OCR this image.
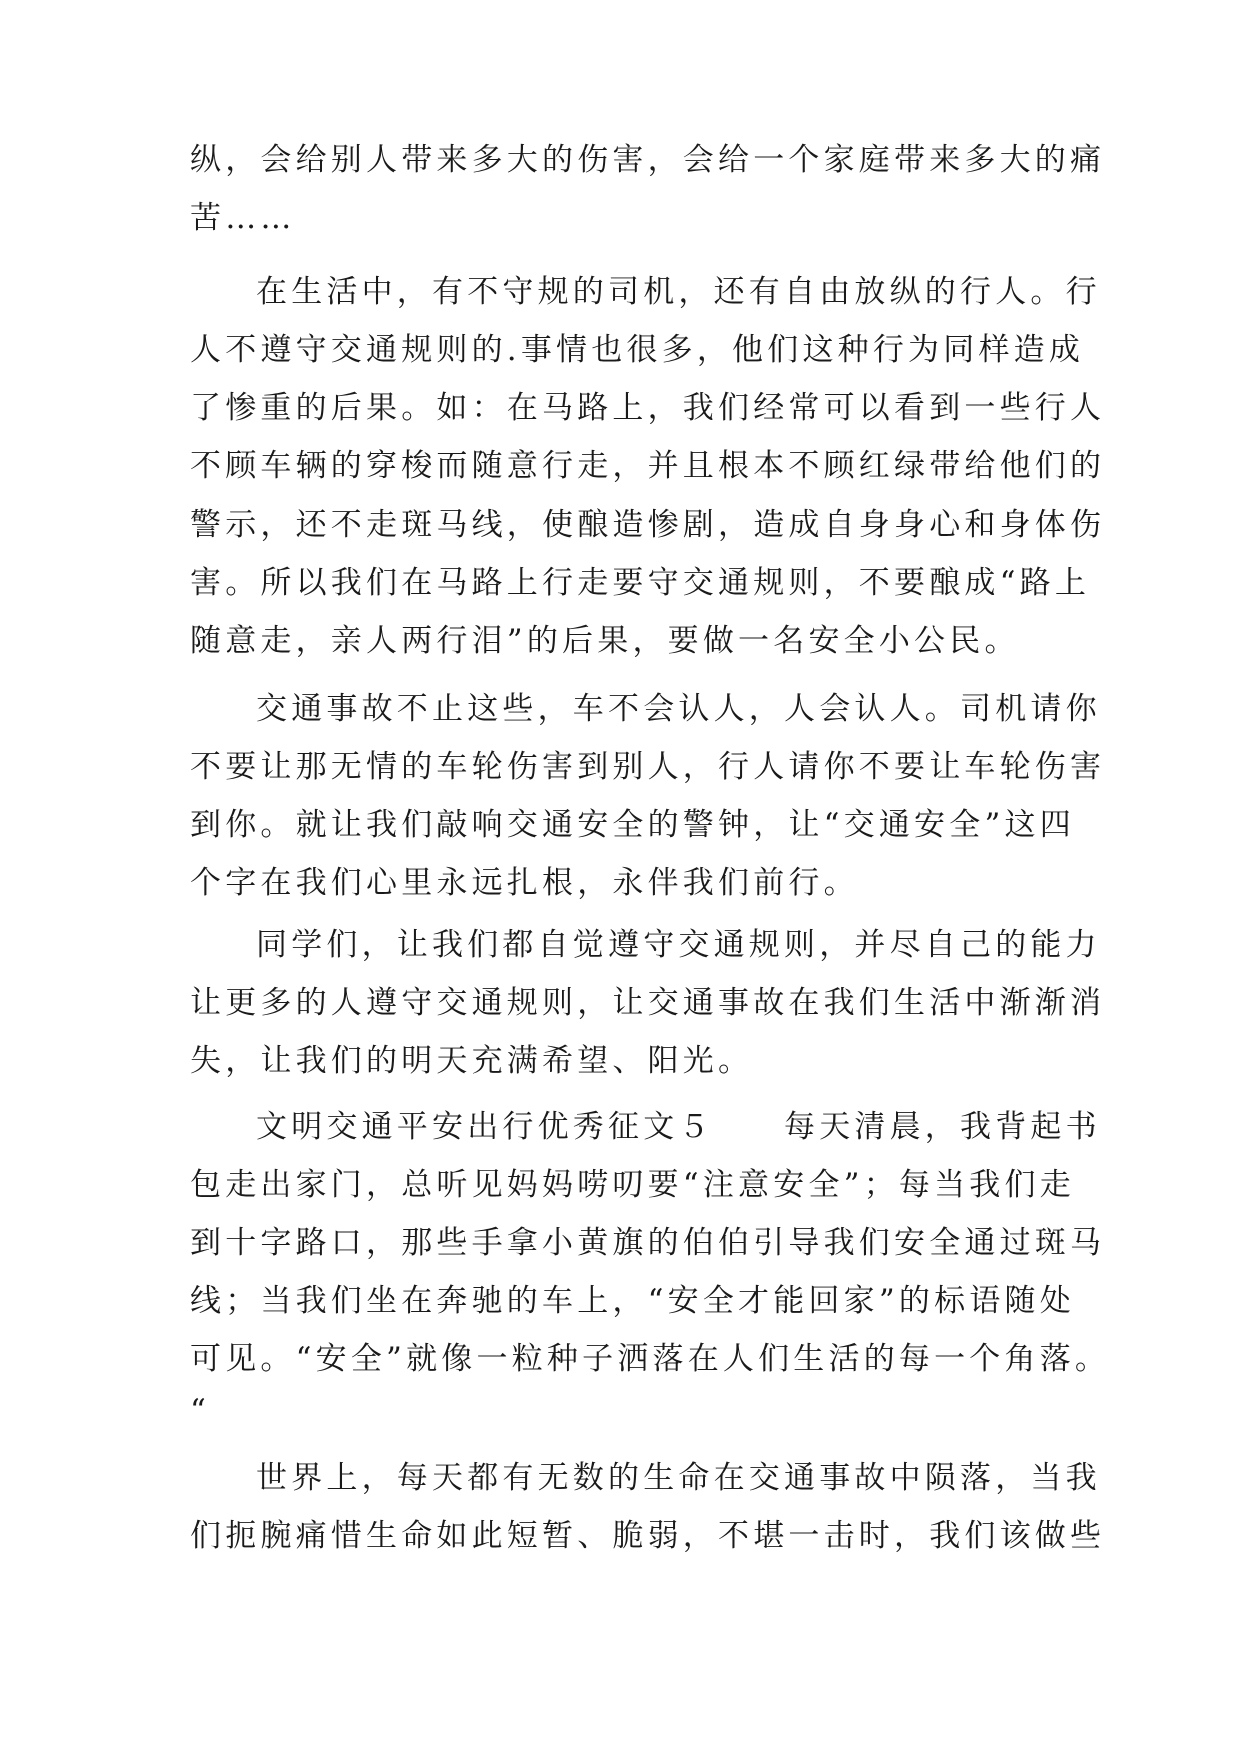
纵，会给别人带来多大的伤害，会给一个家庭带来多大的痛

苦……

在生活中，有不守规的司机，还有自由放纵的行人。行

人不遵守交通规则的.事情也很多，他们这种行为同样造成

了惨重的后果。如：在马路上，我们经常可以看到一些行人

不顾车辆的穿梭而随意行走，并且根本不顾红绿带给他们的

警示，还不走斑马线，使酿造惨剧，造成自身身心和身体伤

害。所以我们在马路上行走要守交通规则，不要酿成“路上

随意走，亲人两行泪”的后果，要做一名安全小公民。

交通事故不止这些，车不会认人，人会认人。司机请你

不要让那无情的车轮伤害到别人，行人请你不要让车轮伤害

到你。就让我们敲响交通安全的警钟，让“交通安全”这四

个字在我们心里永远扎根，永伴我们前行。

同学们，让我们都自觉遵守交通规则，并尽自己的能力

让更多的人遵守交通规则，让交通事故在我们生活中渐渐消

失，让我们的明天充满希望、阳光。

文明交通平安出行优秀征文５　　每天清晨，我背起书

包走出家门，总听见妈妈唠叨要“注意安全”；每当我们走

到十字路口，那些手拿小黄旗的伯伯引导我们安全通过斑马

线；当我们坐在奔驰的车上，“安全才能回家”的标语随处

可见。“安全”就像一粒种子洒落在人们生活的每一个角落。

“

世界上，每天都有无数的生命在交通事故中陨落，当我

们扼腕痛惜生命如此短暂、脆弱，不堪一击时，我们该做些
